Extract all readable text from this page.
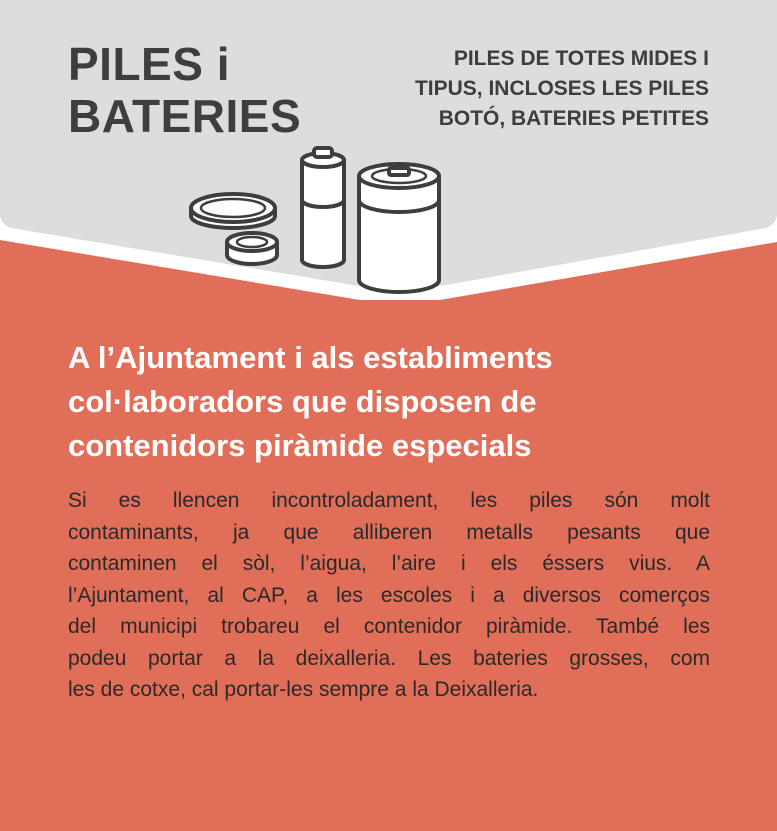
PILES i
BATERIES

PILES DE TOTES MIDES I
TIPUS, INCLOSES LES PILES
BOTÓ, BATERIES PETITES

A l’Ajuntament i als establiments
col·laboradors que disposen de
contenidors piràmide especials

Si es llencen incontroladament, les piles són molt
contaminants, ja que alliberen metalls pesants que
contaminen el sòl, l’aigua, l’aire i els éssers vius. A
l’Ajuntament, al CAP, a les escoles i a diversos comerços
del municipi trobareu el contenidor piràmide. També les
podeu portar a la deixalleria. Les bateries grosses, com
les de cotxe, cal portar-les sempre a la Deixalleria.
